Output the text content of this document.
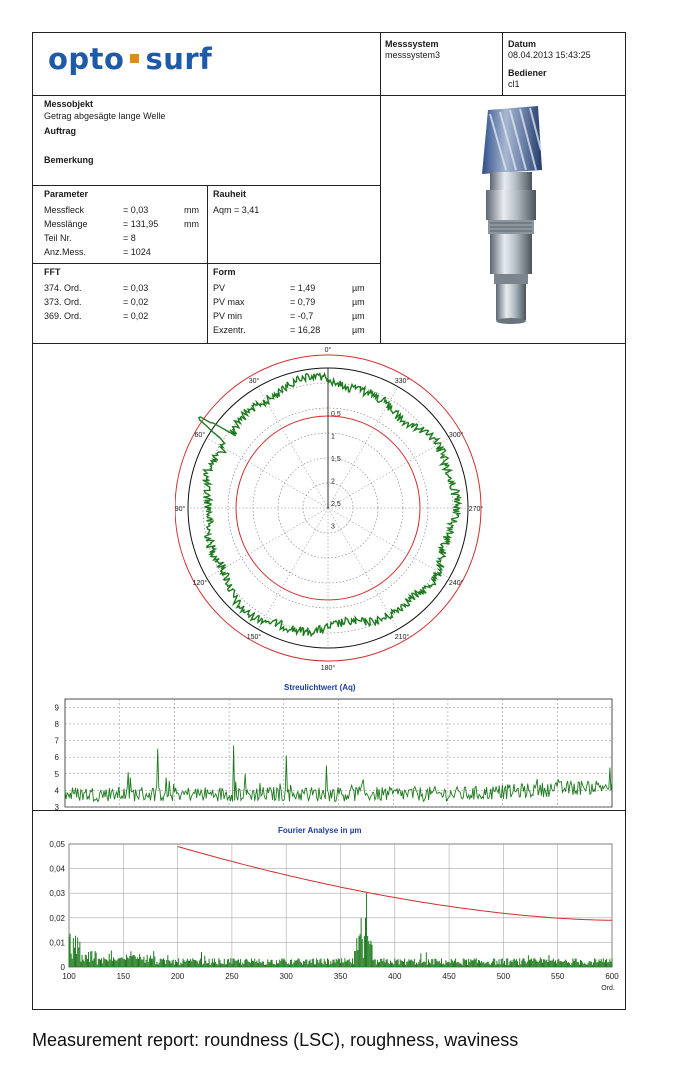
opto surf	Messsystem
messsystem3
Datum
08.04.2013 15:43:25
Bediener
cl1
Messobjekt
Getrag abgesägte lange Welle
Auftrag
Bemerkung
Parameter	Rauheit
Aqm = 3,41
FFT	Form
0°
30°
60°
90°
120°
150°
180°
210°
240°
270°
300°
330°
0,5
1
1,5
2
2,5
3
Streulichtwert (Aq)
3
4
5
6
7
8
9
Fourier Analyse in µm
0
0,01
0,02
0,03
0,04
0,05
100	150	200	250	300	350	400	450	500	550	600
Ord.
Measurement report: roundness (LSC), roughness, waviness
Messfleck	= 0,03	mm
Messlänge	= 131,95	mm
Teil Nr.	= 8
Anz.Mess.	= 1024
374. Ord.	= 0,03
373. Ord.	= 0,02
369. Ord.	= 0,02
PV	= 1,49	µm
PV max	= 0,79	µm
PV min	= -0,7	µm
Exzentr.	= 16,28	µm
